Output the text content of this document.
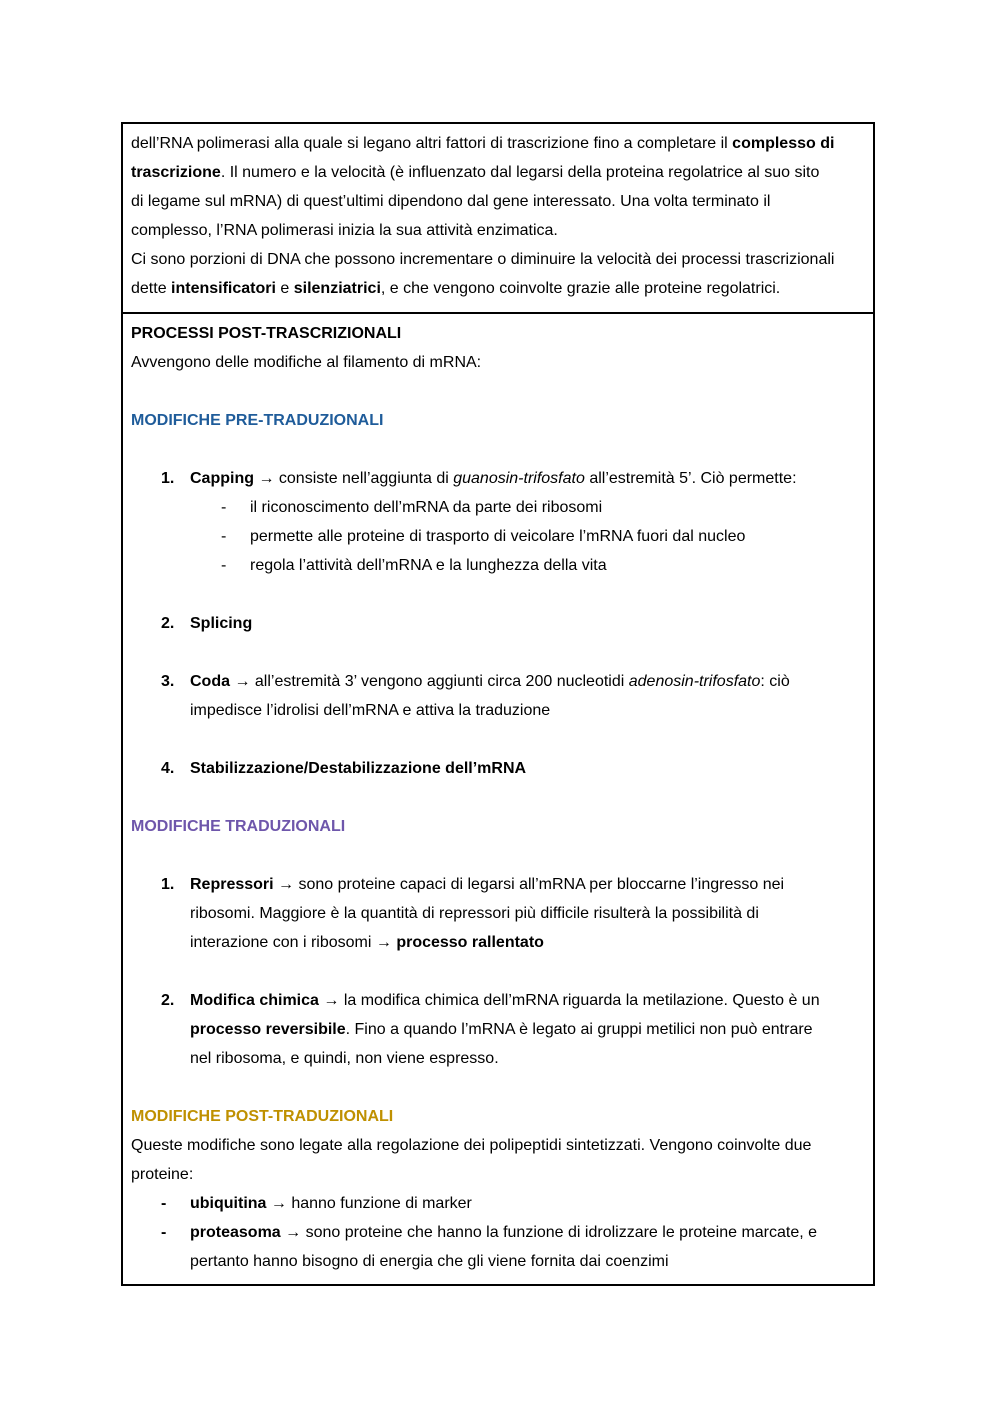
dell’RNA polimerasi alla quale si legano altri fattori di trascrizione fino a completare il complesso di
trascrizione. Il numero e la velocità (è influenzato dal legarsi della proteina regolatrice al suo sito
di legame sul mRNA) di quest’ultimi dipendono dal gene interessato. Una volta terminato il
complesso, l’RNA polimerasi inizia la sua attività enzimatica.
Ci sono porzioni di DNA che possono incrementare o diminuire la velocità dei processi trascrizionali
dette intensificatori e silenziatrici, e che vengono coinvolte grazie alle proteine regolatrici.
PROCESSI POST-TRASCRIZIONALI
Avvengono delle modifiche al filamento di mRNA:
MODIFICHE PRE-TRADUZIONALI
1. Capping → consiste nell’aggiunta di guanosin-trifosfato all’estremità 5’. Ciò permette:
- il riconoscimento dell’mRNA da parte dei ribosomi
- permette alle proteine di trasporto di veicolare l’mRNA fuori dal nucleo
- regola l’attività dell’mRNA e la lunghezza della vita
2. Splicing
3. Coda → all’estremità 3’ vengono aggiunti circa 200 nucleotidi adenosin-trifosfato: ciò
impedisce l’idrolisi dell’mRNA e attiva la traduzione
4. Stabilizzazione/Destabilizzazione dell’mRNA
MODIFICHE TRADUZIONALI
1. Repressori → sono proteine capaci di legarsi all’mRNA per bloccarne l’ingresso nei
ribosomi. Maggiore è la quantità di repressori più difficile risulterà la possibilità di
interazione con i ribosomi → processo rallentato
2. Modifica chimica → la modifica chimica dell’mRNA riguarda la metilazione. Questo è un
processo reversibile. Fino a quando l’mRNA è legato ai gruppi metilici non può entrare
nel ribosoma, e quindi, non viene espresso.
MODIFICHE POST-TRADUZIONALI
Queste modifiche sono legate alla regolazione dei polipeptidi sintetizzati. Vengono coinvolte due
proteine:
- ubiquitina → hanno funzione di marker
- proteasoma → sono proteine che hanno la funzione di idrolizzare le proteine marcate, e
pertanto hanno bisogno di energia che gli viene fornita dai coenzimi
